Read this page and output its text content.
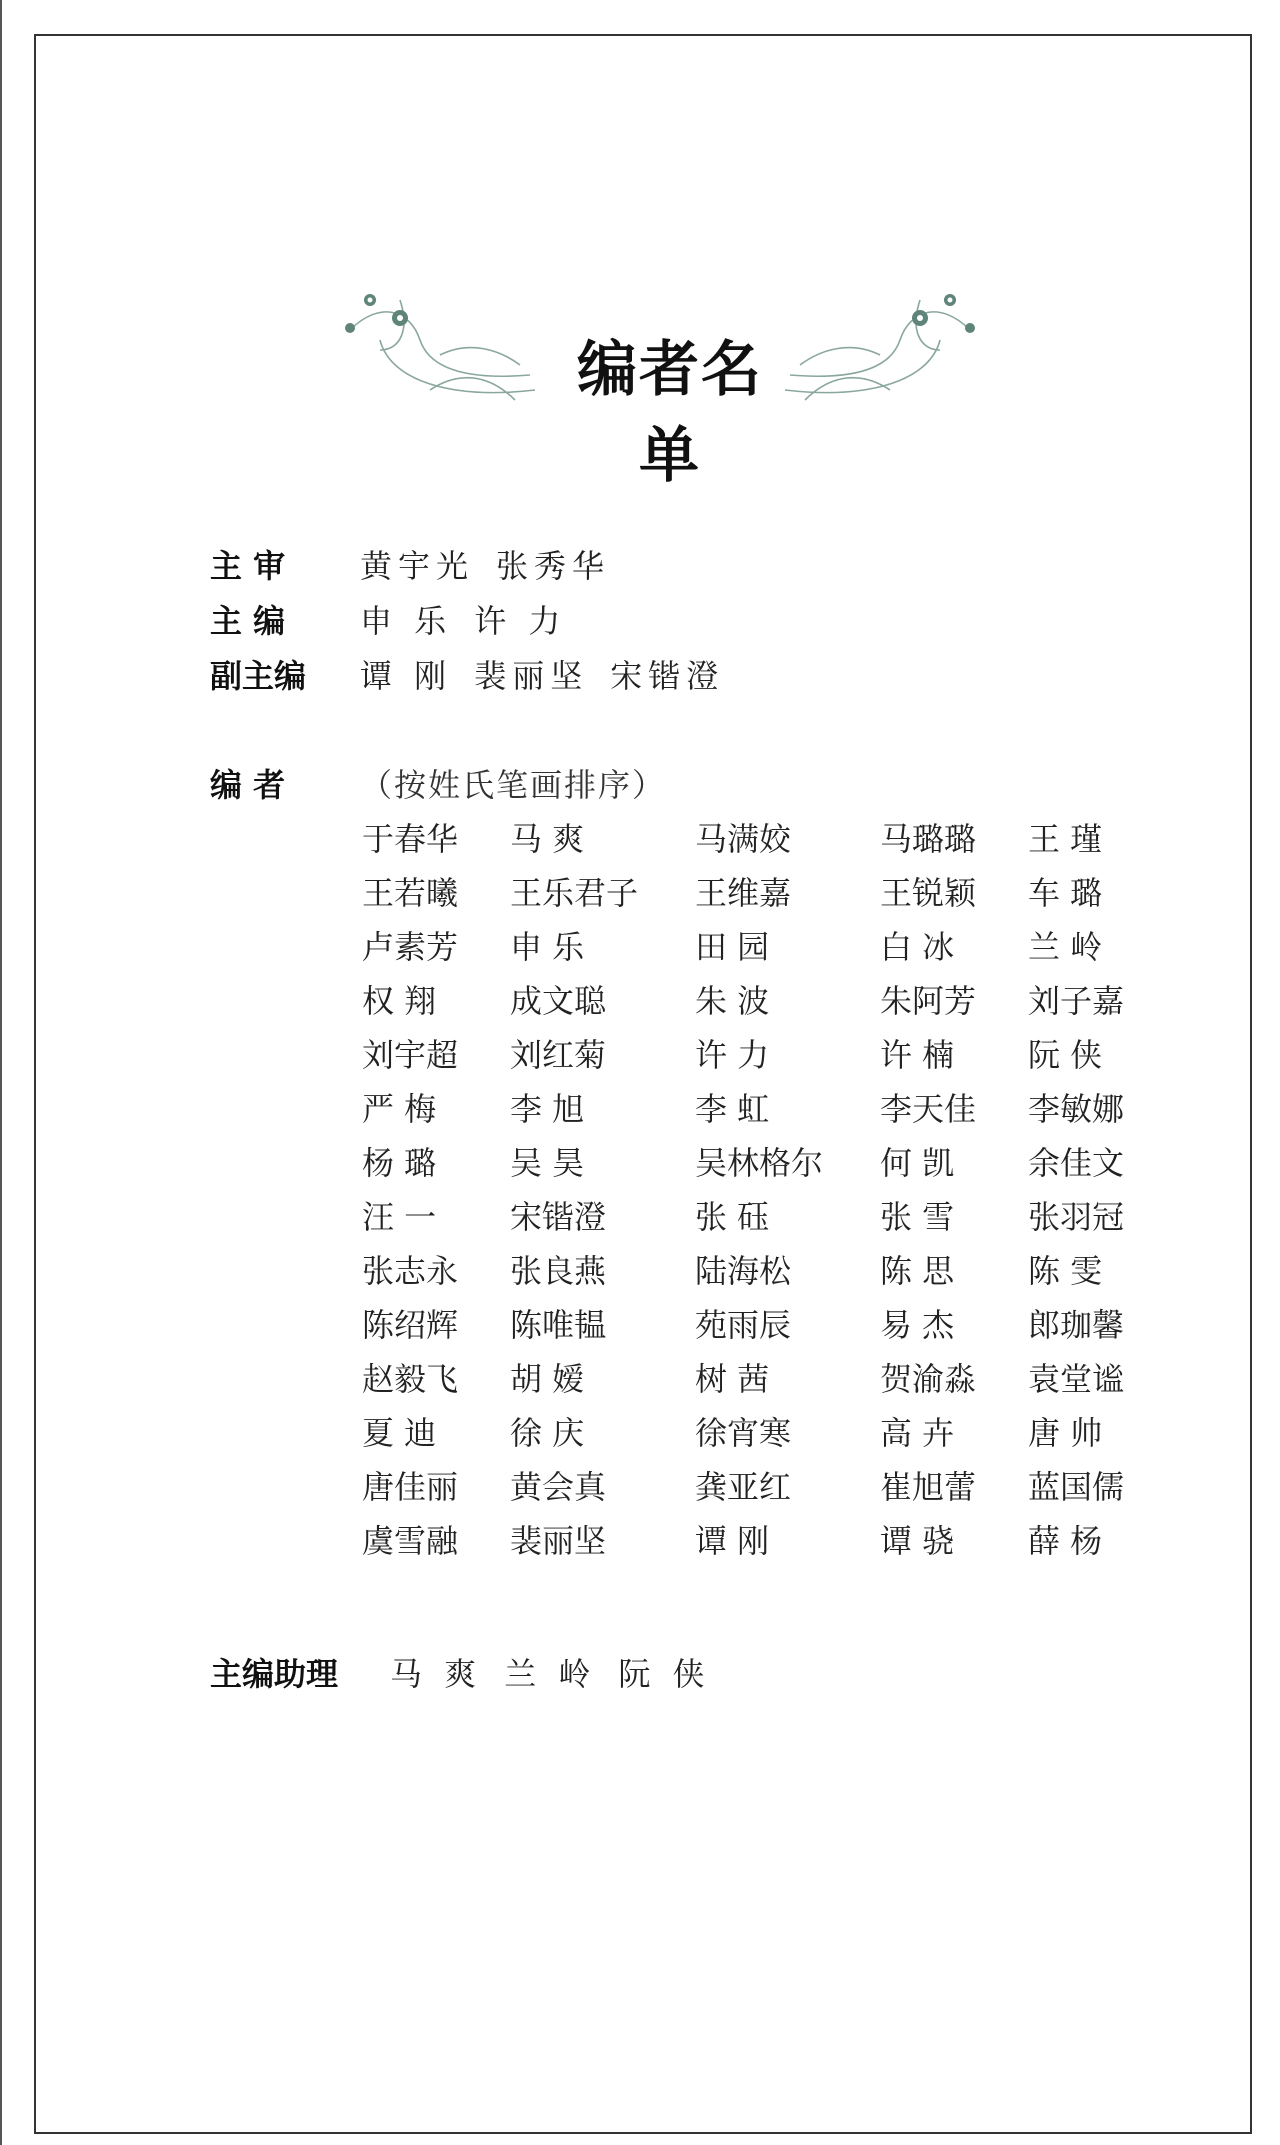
编者名单
主 审 黄宇光 张秀华
主 编 申 乐 许 力
副主编 谭 刚 裴丽坚 宋锴澄
编 者 （按姓氏笔画排序）
于春华	马 爽	马满姣	马璐璐	王 瑾
王若曦	王乐君子	王维嘉	王锐颖	车 璐
卢素芳	申 乐	田 园	白 冰	兰 岭
权 翔	成文聪	朱 波	朱阿芳	刘子嘉
刘宇超	刘红菊	许 力	许 楠	阮 侠
严 梅	李 旭	李 虹	李天佳	李敏娜
杨 璐	吴 昊	吴林格尔	何 凯	余佳文
汪 一	宋锴澄	张 砡	张 雪	张羽冠
张志永	张良燕	陆海松	陈 思	陈 雯
陈绍辉	陈唯韫	苑雨辰	易 杰	郎珈馨
赵毅飞	胡 嫒	树 茜	贺渝淼	袁堂谧
夏 迪	徐 庆	徐宵寒	高 卉	唐 帅
唐佳丽	黄会真	龚亚红	崔旭蕾	蓝国儒
虞雪融	裴丽坚	谭 刚	谭 骁	薛 杨
主编助理 马 爽 兰 岭 阮 侠
